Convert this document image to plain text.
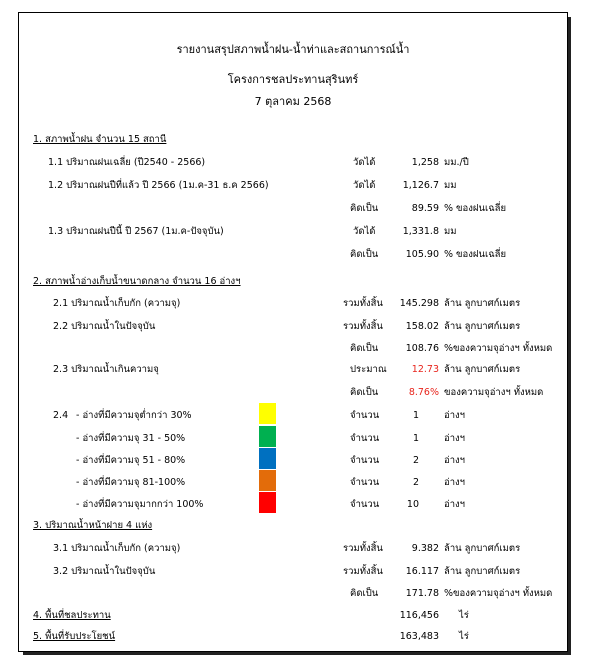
รายงานสรุปสภาพน้ำฝน-น้ำท่าและสถานการณ์น้ำ
โครงการชลประทานสุรินทร์
7 ตุลาคม 2568
1. สภาพน้ำฝน จำนวน 15 สถานี
1.1 ปริมาณฝนเฉลี่ย (ปี2540 - 2566)	วัดได้	1,258 มม./ปี
1.2 ปริมาณฝนปีที่แล้ว ปี 2566 (1ม.ค-31 ธ.ค 2566)	วัดได้	1,126.7 มม
คิดเป็น	89.59 % ของฝนเฉลี่ย
1.3 ปริมาณฝนปีนี้ ปี 2567 (1ม.ค-ปัจจุบัน)	วัดได้	1,331.8 มม
คิดเป็น	105.90 % ของฝนเฉลี่ย
2. สภาพน้ำอ่างเก็บน้ำขนาดกลาง จำนวน 16 อ่างฯ
2.1 ปริมาณน้ำเก็บกัก (ความจุ)	รวมทั้งสิ้น	145.298 ล้าน ลูกบาศก์เมตร
2.2 ปริมาณน้ำในปัจจุบัน	รวมทั้งสิ้น	158.02 ล้าน ลูกบาศก์เมตร
คิดเป็น	108.76 %ของความจุอ่างฯ ทั้งหมด
2.3 ปริมาณน้ำเกินความจุ	ประมาณ	12.73 ล้าน ลูกบาศก์เมตร
คิดเป็น	8.76% ของความจุอ่างฯ ทั้งหมด
2.4 - อ่างที่มีความจุต่ำกว่า 30%	จำนวน	1	อ่างฯ
- อ่างที่มีความจุ 31 - 50%	จำนวน	1	อ่างฯ
- อ่างที่มีความจุ 51 - 80%	จำนวน	2	อ่างฯ
- อ่างที่มีความจุ 81-100%	จำนวน	2	อ่างฯ
- อ่างที่มีความจุมากกว่า 100%	จำนวน	10	อ่างฯ
3. ปริมาณน้ำหน้าฝาย 4 แห่ง
3.1 ปริมาณน้ำเก็บกัก (ความจุ)	รวมทั้งสิ้น	9.382 ล้าน ลูกบาศก์เมตร
3.2 ปริมาณน้ำในปัจจุบัน	รวมทั้งสิ้น	16.117 ล้าน ลูกบาศก์เมตร
คิดเป็น	171.78 %ของความจุอ่างฯ ทั้งหมด
4. พื้นที่ชลประทาน	116,456 ไร่
5. พื้นที่รับประโยชน์	163,483 ไร่
